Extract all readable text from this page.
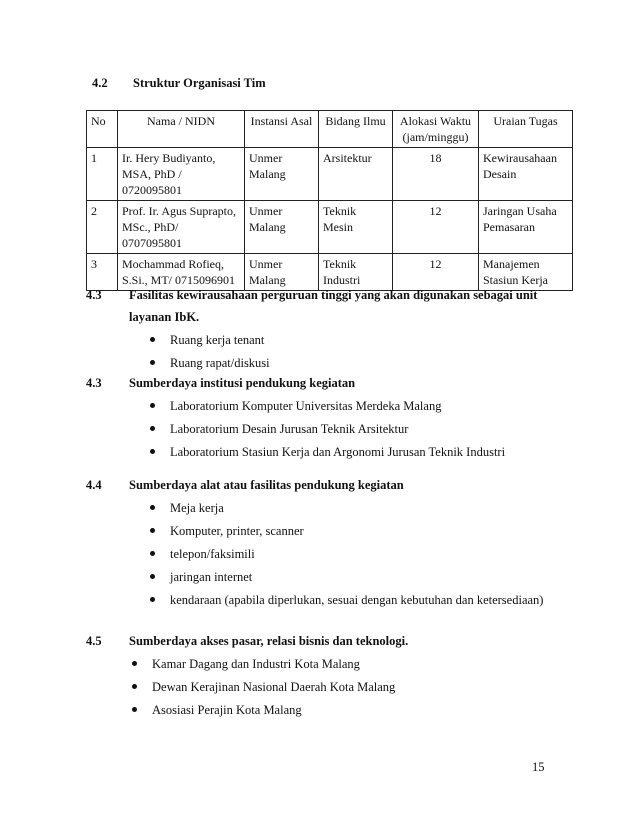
4.2 Struktur Organisasi Tim
No	Nama / NIDN	Instansi Asal	Bidang Ilmu	Alokasi Waktu (jam/minggu)	Uraian Tugas
1	Ir. Hery Budiyanto, MSA, PhD / 0720095801	Unmer Malang	Arsitektur	18	Kewirausahaan Desain
2	Prof. Ir. Agus Suprapto, MSc., PhD/ 0707095801	Unmer Malang	Teknik Mesin	12	Jaringan Usaha Pemasaran
3	Mochammad Rofieq, S.Si., MT/ 0715096901	Unmer Malang	Teknik Industri	12	Manajemen Stasiun Kerja
4.3 Fasilitas kewirausahaan perguruan tinggi yang akan digunakan sebagai unit
layanan IbK.
Ruang kerja tenant
Ruang rapat/diskusi
4.3 Sumberdaya institusi pendukung kegiatan
Laboratorium Komputer Universitas Merdeka Malang
Laboratorium Desain Jurusan Teknik Arsitektur
Laboratorium Stasiun Kerja dan Argonomi Jurusan Teknik Industri
4.4 Sumberdaya alat atau fasilitas pendukung kegiatan
Meja kerja
Komputer, printer, scanner
telepon/faksimili
jaringan internet
kendaraan (apabila diperlukan, sesuai dengan kebutuhan dan ketersediaan)
4.5 Sumberdaya akses pasar, relasi bisnis dan teknologi.
Kamar Dagang dan Industri Kota Malang
Dewan Kerajinan Nasional Daerah Kota Malang
Asosiasi Perajin Kota Malang
15
